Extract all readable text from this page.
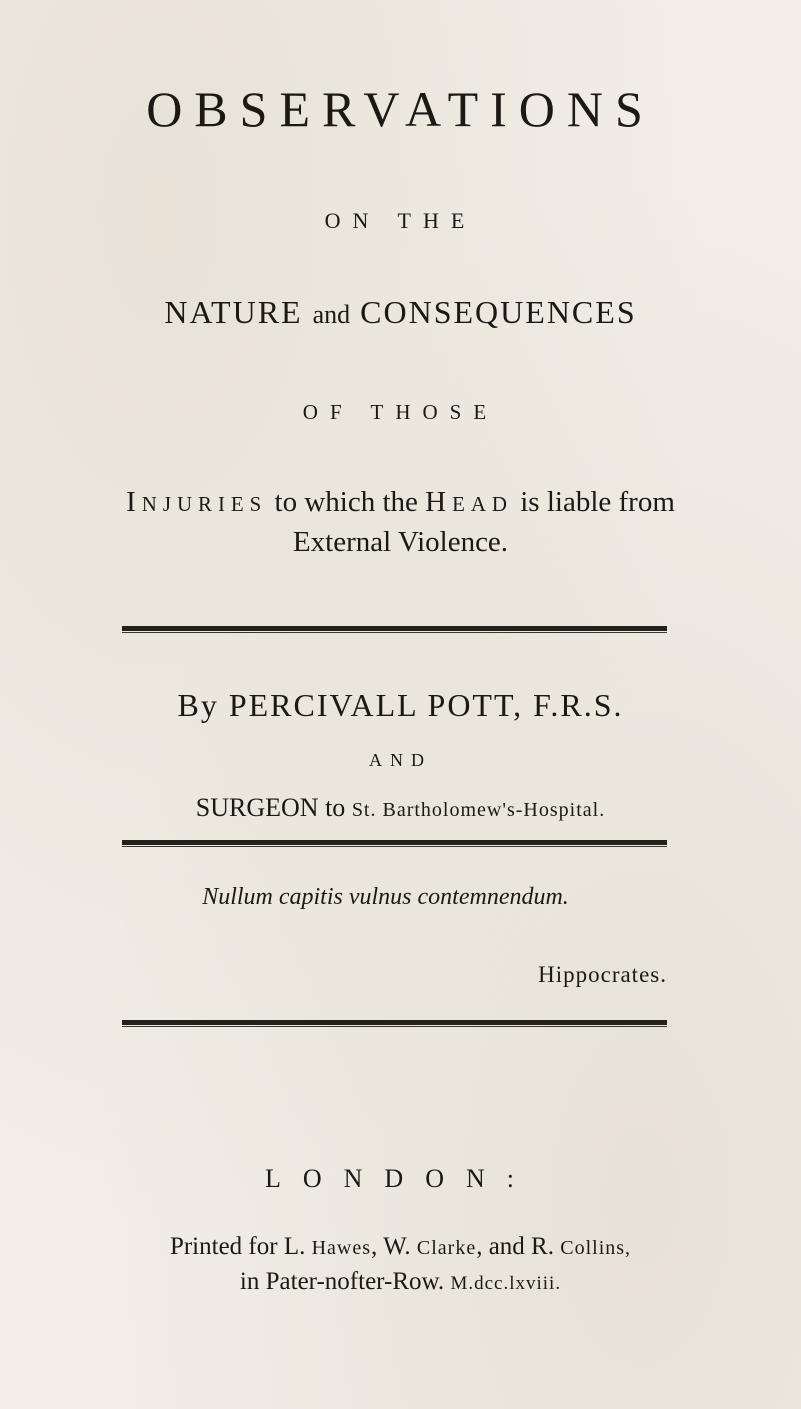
OBSERVATIONS
ON THE
NATURE and CONSEQUENCES
OF THOSE
INJURIES to which the HEAD is liable from
External Violence.
By PERCIVALL POTT, F.R.S.
AND
SURGEON to St. Bartholomew's-Hospital.
Nullum capitis vulnus contemnendum.
Hippocrates.
LONDON:
Printed for L. Hawes, W. Clarke, and R. Collins,
in Pater-nofter-Row. M.dcc.lxviii.
